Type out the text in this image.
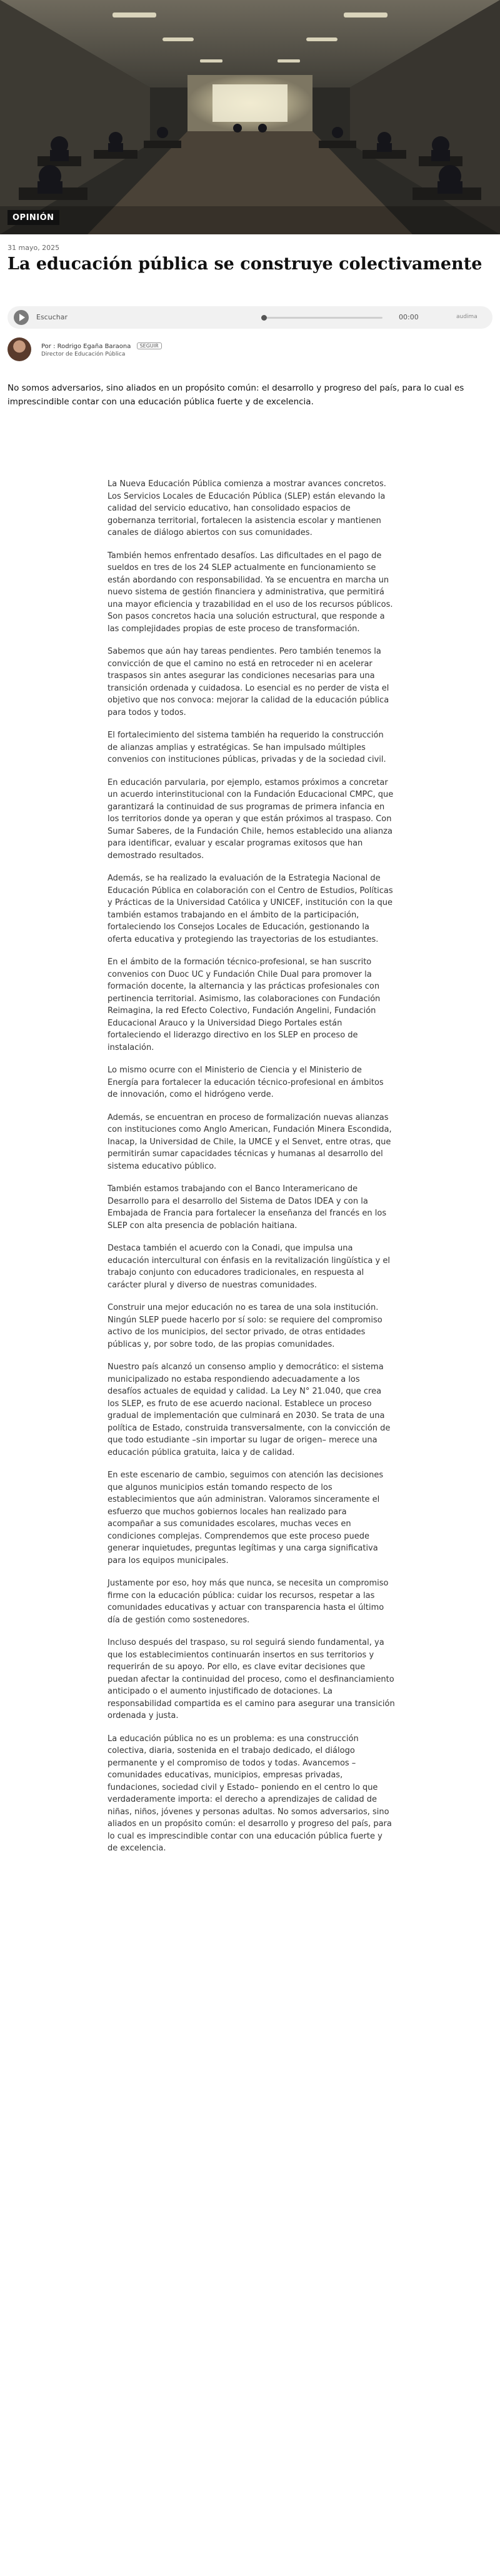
OPINIÓN
31 mayo, 2025
La educación pública se construye colectivamente
Escuchar	00:00	audima
Por : Rodrigo Egaña Baraona SEGUIR
Director de Educación Pública

No somos adversarios, sino aliados en un propósito común: el desarrollo y progreso del país, para lo cual es imprescindible contar con una educación pública fuerte y de excelencia.

La Nueva Educación Pública comienza a mostrar avances concretos. Los Servicios Locales de Educación Pública (SLEP) están elevando la calidad del servicio educativo, han consolidado espacios de gobernanza territorial, fortalecen la asistencia escolar y mantienen canales de diálogo abiertos con sus comunidades.

También hemos enfrentado desafíos. Las dificultades en el pago de sueldos en tres de los 24 SLEP actualmente en funcionamiento se están abordando con responsabilidad. Ya se encuentra en marcha un nuevo sistema de gestión financiera y administrativa, que permitirá una mayor eficiencia y trazabilidad en el uso de los recursos públicos. Son pasos concretos hacia una solución estructural, que responde a las complejidades propias de este proceso de transformación.

Sabemos que aún hay tareas pendientes. Pero también tenemos la convicción de que el camino no está en retroceder ni en acelerar traspasos sin antes asegurar las condiciones necesarias para una transición ordenada y cuidadosa. Lo esencial es no perder de vista el objetivo que nos convoca: mejorar la calidad de la educación pública para todos y todos.

El fortalecimiento del sistema también ha requerido la construcción de alianzas amplias y estratégicas. Se han impulsado múltiples convenios con instituciones públicas, privadas y de la sociedad civil.

En educación parvularia, por ejemplo, estamos próximos a concretar un acuerdo interinstitucional con la Fundación Educacional CMPC, que garantizará la continuidad de sus programas de primera infancia en los territorios donde ya operan y que están próximos al traspaso. Con Sumar Saberes, de la Fundación Chile, hemos establecido una alianza para identificar, evaluar y escalar programas exitosos que han demostrado resultados.

Además, se ha realizado la evaluación de la Estrategia Nacional de Educación Pública en colaboración con el Centro de Estudios, Políticas y Prácticas de la Universidad Católica y UNICEF, institución con la que también estamos trabajando en el ámbito de la participación, fortaleciendo los Consejos Locales de Educación, gestionando la oferta educativa y protegiendo las trayectorias de los estudiantes.

En el ámbito de la formación técnico-profesional, se han suscrito convenios con Duoc UC y Fundación Chile Dual para promover la formación docente, la alternancia y las prácticas profesionales con pertinencia territorial. Asimismo, las colaboraciones con Fundación Reimagina, la red Efecto Colectivo, Fundación Angelini, Fundación Educacional Arauco y la Universidad Diego Portales están fortaleciendo el liderazgo directivo en los SLEP en proceso de instalación.

Lo mismo ocurre con el Ministerio de Ciencia y el Ministerio de Energía para fortalecer la educación técnico-profesional en ámbitos de innovación, como el hidrógeno verde.

Además, se encuentran en proceso de formalización nuevas alianzas con instituciones como Anglo American, Fundación Minera Escondida, Inacap, la Universidad de Chile, la UMCE y el Senvet, entre otras, que permitirán sumar capacidades técnicas y humanas al desarrollo del sistema educativo público.

También estamos trabajando con el Banco Interamericano de Desarrollo para el desarrollo del Sistema de Datos IDEA y con la Embajada de Francia para fortalecer la enseñanza del francés en los SLEP con alta presencia de población haitiana.

Destaca también el acuerdo con la Conadi, que impulsa una educación intercultural con énfasis en la revitalización lingüística y el trabajo conjunto con educadores tradicionales, en respuesta al carácter plural y diverso de nuestras comunidades.

Construir una mejor educación no es tarea de una sola institución. Ningún SLEP puede hacerlo por sí solo: se requiere del compromiso activo de los municipios, del sector privado, de otras entidades públicas y, por sobre todo, de las propias comunidades.

Nuestro país alcanzó un consenso amplio y democrático: el sistema municipalizado no estaba respondiendo adecuadamente a los desafíos actuales de equidad y calidad. La Ley N° 21.040, que crea los SLEP, es fruto de ese acuerdo nacional. Establece un proceso gradual de implementación que culminará en 2030. Se trata de una política de Estado, construida transversalmente, con la convicción de que todo estudiante –sin importar su lugar de origen– merece una educación pública gratuita, laica y de calidad.

En este escenario de cambio, seguimos con atención las decisiones que algunos municipios están tomando respecto de los establecimientos que aún administran. Valoramos sinceramente el esfuerzo que muchos gobiernos locales han realizado para acompañar a sus comunidades escolares, muchas veces en condiciones complejas. Comprendemos que este proceso puede generar inquietudes, preguntas legítimas y una carga significativa para los equipos municipales.

Justamente por eso, hoy más que nunca, se necesita un compromiso firme con la educación pública: cuidar los recursos, respetar a las comunidades educativas y actuar con transparencia hasta el último día de gestión como sostenedores.

Incluso después del traspaso, su rol seguirá siendo fundamental, ya que los establecimientos continuarán insertos en sus territorios y requerirán de su apoyo. Por ello, es clave evitar decisiones que puedan afectar la continuidad del proceso, como el desfinanciamiento anticipado o el aumento injustificado de dotaciones. La responsabilidad compartida es el camino para asegurar una transición ordenada y justa.

La educación pública no es un problema: es una construcción colectiva, diaria, sostenida en el trabajo dedicado, el diálogo permanente y el compromiso de todos y todas. Avancemos –comunidades educativas, municipios, empresas privadas, fundaciones, sociedad civil y Estado– poniendo en el centro lo que verdaderamente importa: el derecho a aprendizajes de calidad de niñas, niños, jóvenes y personas adultas. No somos adversarios, sino aliados en un propósito común: el desarrollo y progreso del país, para lo cual es imprescindible contar con una educación pública fuerte y de excelencia.
